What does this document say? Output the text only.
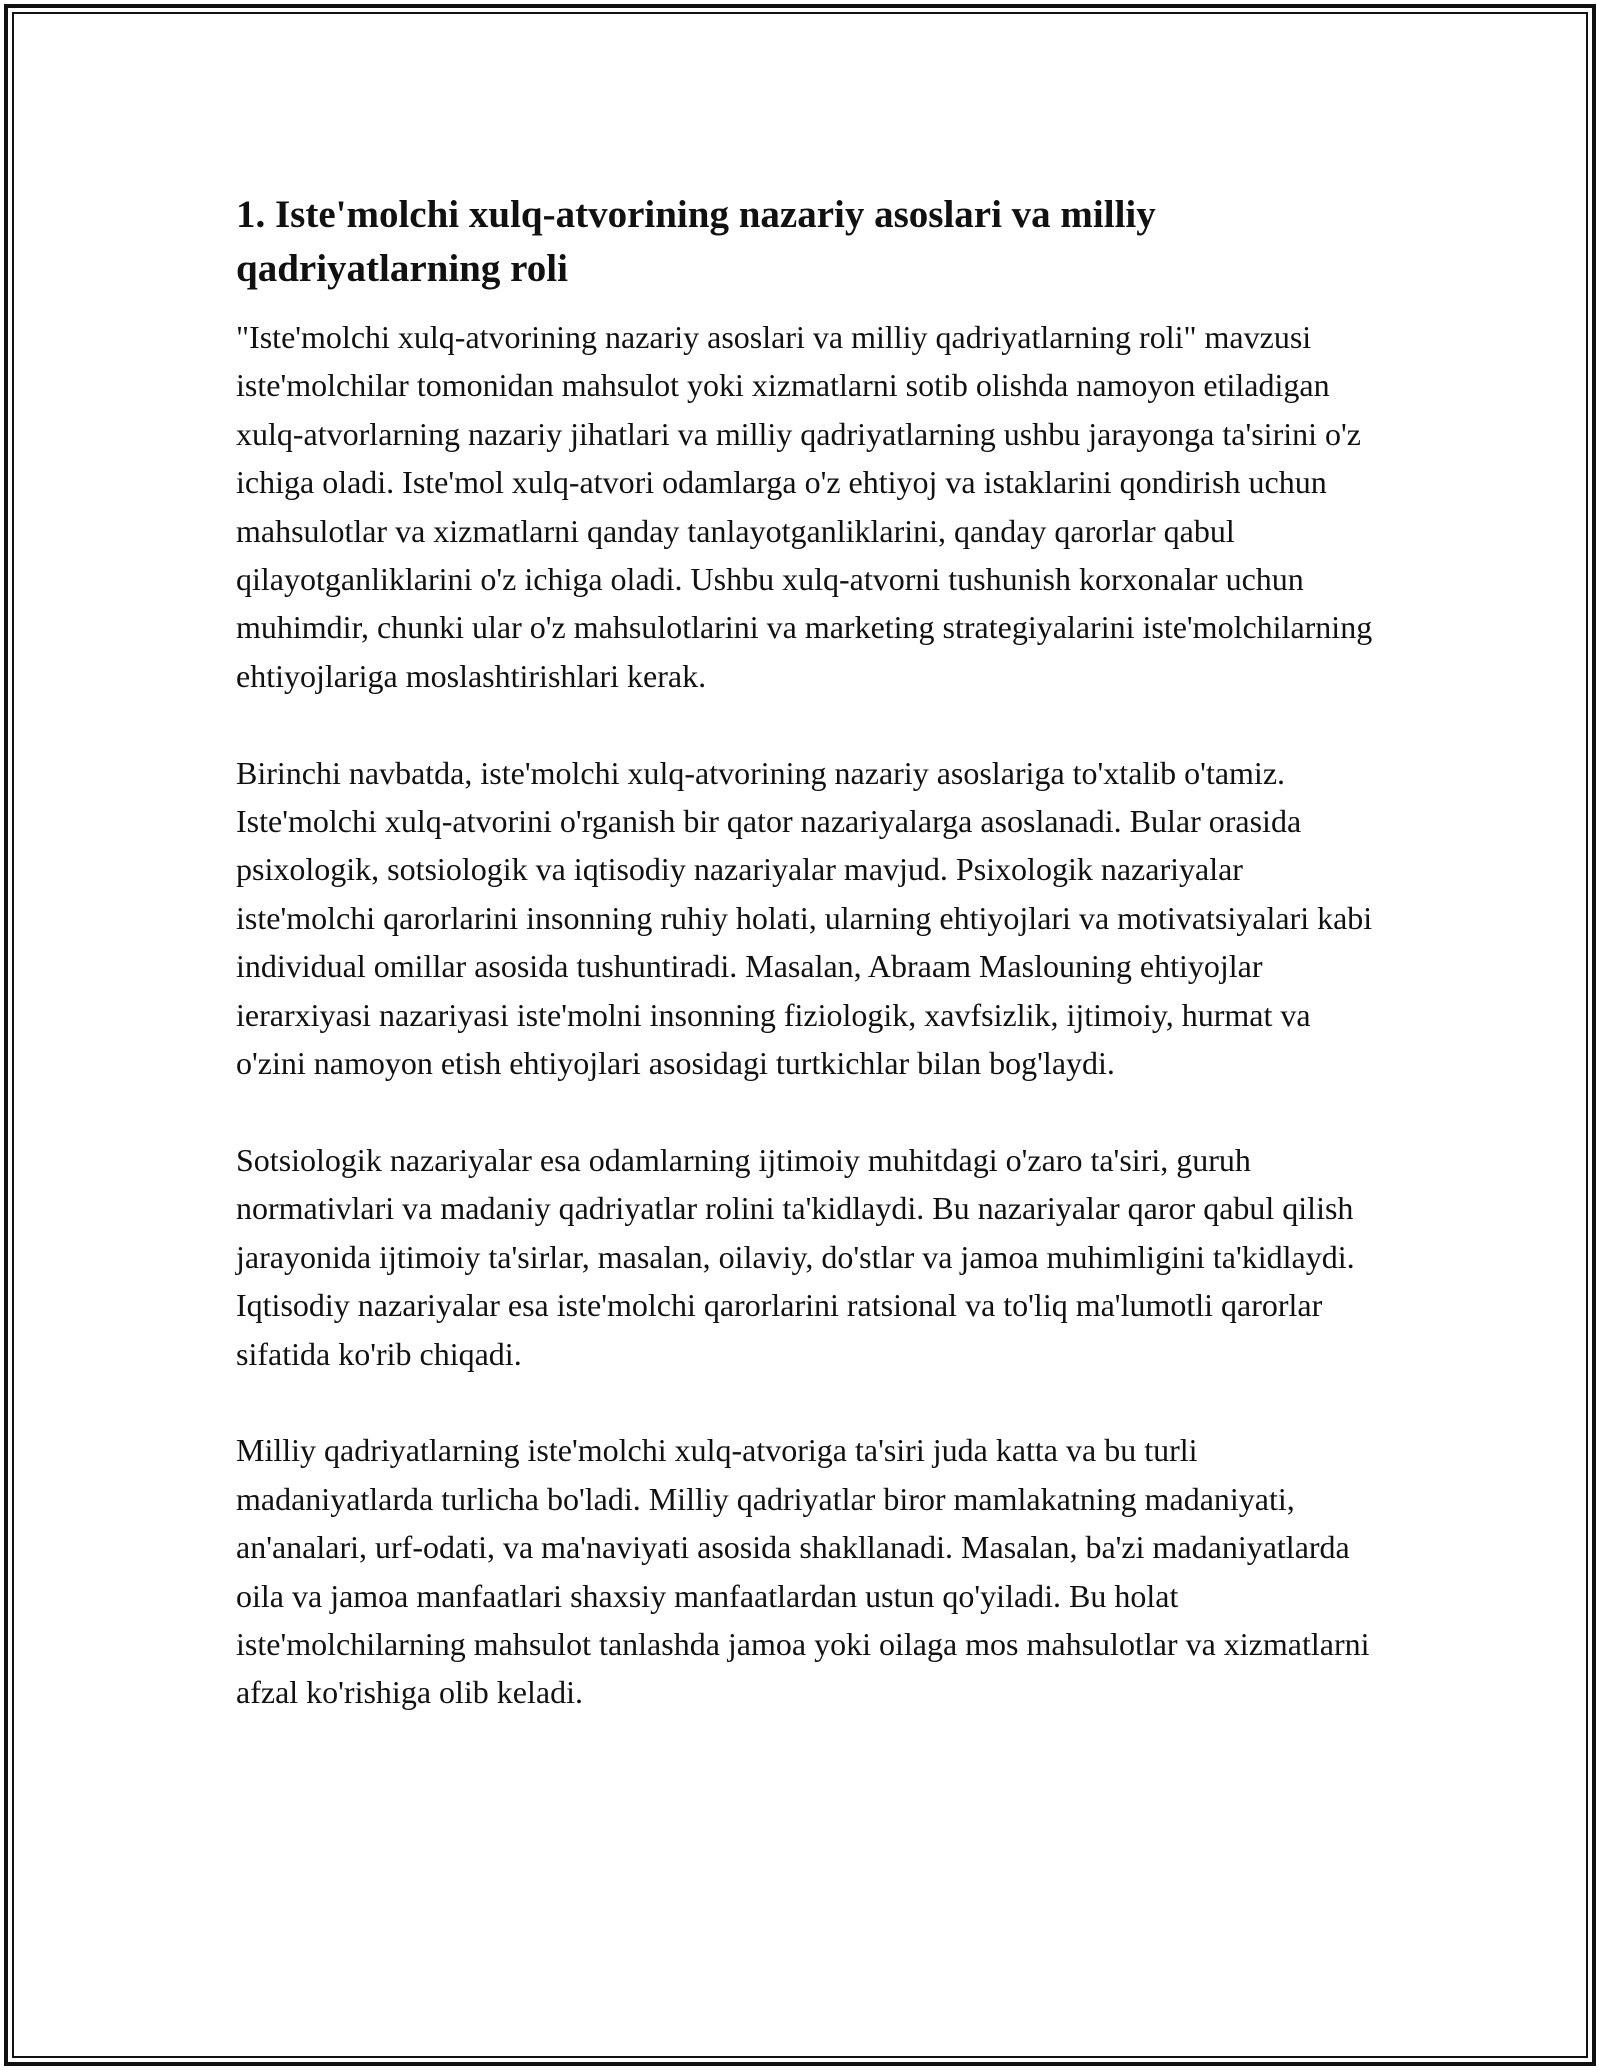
1. Iste'molchi xulq-atvorining nazariy asoslari va milliy qadriyatlarning roli

"Iste'molchi xulq-atvorining nazariy asoslari va milliy qadriyatlarning roli" mavzusi iste'molchilar tomonidan mahsulot yoki xizmatlarni sotib olishda namoyon etiladigan xulq-atvorlarning nazariy jihatlari va milliy qadriyatlarning ushbu jarayonga ta'sirini o'z ichiga oladi. Iste'mol xulq-atvori odamlarga o'z ehtiyoj va istaklarini qondirish uchun mahsulotlar va xizmatlarni qanday tanlayotganliklarini, qanday qarorlar qabul qilayotganliklarini o'z ichiga oladi. Ushbu xulq-atvorni tushunish korxonalar uchun muhimdir, chunki ular o'z mahsulotlarini va marketing strategiyalarini iste'molchilarning ehtiyojlariga moslashtirishlari kerak.

Birinchi navbatda, iste'molchi xulq-atvorining nazariy asoslariga to'xtalib o'tamiz. Iste'molchi xulq-atvorini o'rganish bir qator nazariyalarga asoslanadi. Bular orasida psixologik, sotsiologik va iqtisodiy nazariyalar mavjud. Psixologik nazariyalar iste'molchi qarorlarini insonning ruhiy holati, ularning ehtiyojlari va motivatsiyalari kabi individual omillar asosida tushuntiradi. Masalan, Abraam Maslouning ehtiyojlar ierarxiyasi nazariyasi iste'molni insonning fiziologik, xavfsizlik, ijtimoiy, hurmat va o'zini namoyon etish ehtiyojlari asosidagi turtkichlar bilan bog'laydi.

Sotsiologik nazariyalar esa odamlarning ijtimoiy muhitdagi o'zaro ta'siri, guruh normativlari va madaniy qadriyatlar rolini ta'kidlaydi. Bu nazariyalar qaror qabul qilish jarayonida ijtimoiy ta'sirlar, masalan, oilaviy, do'stlar va jamoa muhimligini ta'kidlaydi. Iqtisodiy nazariyalar esa iste'molchi qarorlarini ratsional va to'liq ma'lumotli qarorlar sifatida ko'rib chiqadi.

Milliy qadriyatlarning iste'molchi xulq-atvoriga ta'siri juda katta va bu turli madaniyatlarda turlicha bo'ladi. Milliy qadriyatlar biror mamlakatning madaniyati, an'analari, urf-odati, va ma'naviyati asosida shakllanadi. Masalan, ba'zi madaniyatlarda oila va jamoa manfaatlari shaxsiy manfaatlardan ustun qo'yiladi. Bu holat iste'molchilarning mahsulot tanlashda jamoa yoki oilaga mos mahsulotlar va xizmatlarni afzal ko'rishiga olib keladi.
